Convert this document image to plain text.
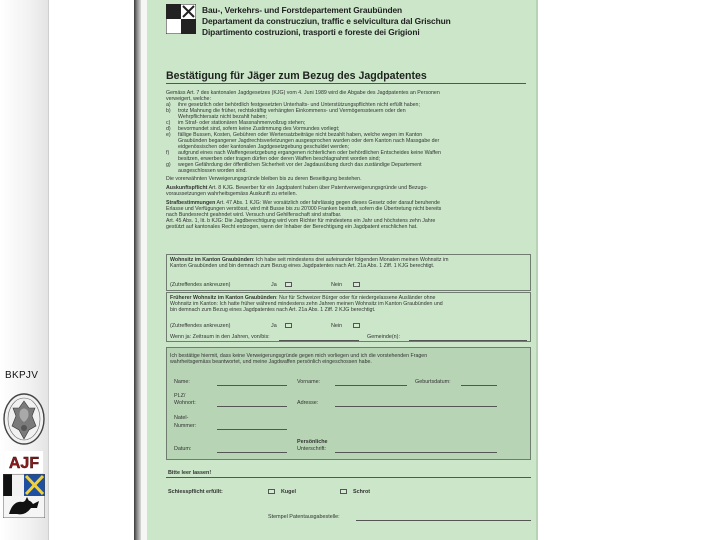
BKPJV
AJF
Bau-, Verkehrs- und Forstdepartement Graubünden
Departament da construcziun, traffic e selvicultura dal Grischun
Dipartimento costruzioni, trasporti e foreste dei Grigioni
Bestätigung für Jäger zum Bezug des Jagdpatentes
Gemäss Art. 7 des kantonalen Jagdgesetzes (KJG) vom 4. Juni 1989 wird die Abgabe des Jagdpatentes an Personen
verweigert, welche:
a) ihre gesetzlich oder behördlich festgesetzten Unterhalts- und Unterstützungspflichten nicht erfüllt haben;
b) trotz Mahnung die früher, rechtskräftig verhängten Einkommens- und Vermögenssteuern oder den
Wehrpflichtersatz nicht bezahlt haben;
c) im Straf- oder stationären Massnahmenvollzug stehen;
d) bevormundet sind, sofern keine Zustimmung des Vormundes vorliegt;
e) fällige Bussen, Kosten, Gebühren oder Wertersatzbeiträge nicht bezahlt haben, welche wegen im Kanton
Graubünden begangener Jagdrechtsverletzungen ausgesprochen wurden oder dem Kanton nach Massgabe der
eidgenössischen oder kantonalen Jagdgesetzgebung geschuldet werden;
f) aufgrund eines nach Waffengesetzgebung ergangenen richterlichen oder behördlichen Entscheides keine Waffen
besitzen, erwerben oder tragen dürfen oder deren Waffen beschlagnahmt worden sind;
g) wegen Gefährdung der öffentlichen Sicherheit vor der Jagdausübung durch das zuständige Departement
ausgeschlossen worden sind.
Die vorerwähnten Verweigerungsgründe bleiben bis zu deren Beseitigung bestehen.
Auskunftspflicht Art. 8 KJG. Bewerber für ein Jagdpatent haben über Patentverweigerungsgründe und Bezugs-
voraussetzungen wahrheitsgemäss Auskunft zu erteilen.
Strafbestimmungen Art. 47 Abs. 1 KJG: Wer vorsätzlich oder fahrlässig gegen dieses Gesetz oder darauf beruhende
Erlasse und Verfügungen verstösst, wird mit Busse bis zu 20'000 Franken bestraft, sofern die Übertretung nicht bereits
nach Bundesrecht geahndet wird. Versuch und Gehilfenschaft sind strafbar.
Art. 45 Abs. 1, lit. b KJG: Die Jagdberechtigung wird vom Richter für mindestens ein Jahr und höchstens zehn Jahre
gestützt auf kantonales Recht entzogen, wenn der Inhaber der Berechtigung ein Jagdpatent erschlichen hat.
Wohnsitz im Kanton Graubünden: Ich habe seit mindestens drei aufeinander folgenden Monaten meinen Wohnsitz im
Kanton Graubünden und bin demnach zum Bezug eines Jagdpatentes nach Art. 21a Abs. 1 Ziff. 1 KJG berechtigt.
(Zutreffendes ankreuzen)	Ja	Nein
Früherer Wohnsitz im Kanton Graubünden: Nur für Schweizer Bürger oder für niedergelassene Ausländer ohne
Wohnsitz im Kanton: Ich hatte früher während mindestens zehn Jahren meinen Wohnsitz im Kanton Graubünden und
bin demnach zum Bezug eines Jagdpatentes nach Art. 21a Abs. 1 Ziff. 2 KJG berechtigt.
(Zutreffendes ankreuzen)	Ja	Nein
Wenn ja: Zeitraum in den Jahren, von/bis:	Gemeinde(n):
Ich bestätige hiermit, dass keine Verweigerungsgründe gegen mich vorliegen und ich die vorstehenden Fragen
wahrheitsgemäss beantwortet, und meine Jagdwaffen persönlich eingeschossen habe.
Name:	Vorname:	Geburtsdatum:
PLZ/
Wohnort:	Adresse:
Natel-
Nummer:
Persönliche
Unterschrift:
Datum:
Bitte leer lassen!
Schiesspflicht erfüllt:	Kugel	Schrot
Stempel Patentausgabestelle:
